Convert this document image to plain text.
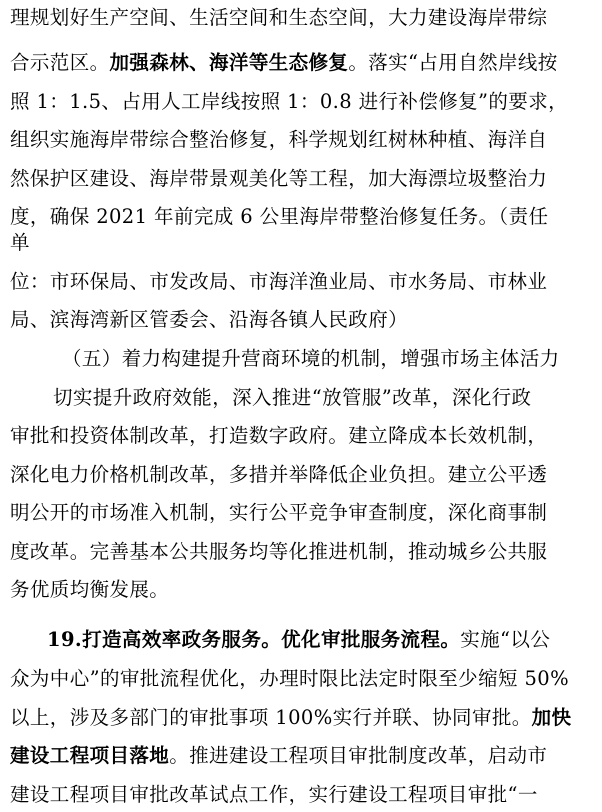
理规划好生产空间、生活空间和生态空间，大力建设海岸带综

合示范区。加强森林、海洋等生态修复。落实“占用自然岸线按

照 1：1.5、占用人工岸线按照 1：0.8 进行补偿修复”的要求，

组织实施海岸带综合整治修复，科学规划红树林种植、海洋自

然保护区建设、海岸带景观美化等工程，加大海漂垃圾整治力

度，确保 2021 年前完成 6 公里海岸带整治修复任务。（责任

单

位：市环保局、市发改局、市海洋渔业局、市水务局、市林业

局、滨海湾新区管委会、沿海各镇人民政府）

（五）着力构建提升营商环境的机制，增强市场主体活力

切实提升政府效能，深入推进“放管服”改革，深化行政

审批和投资体制改革，打造数字政府。建立降成本长效机制，

深化电力价格机制改革，多措并举降低企业负担。建立公平透

明公开的市场准入机制，实行公平竞争审查制度，深化商事制

度改革。完善基本公共服务均等化推进机制，推动城乡公共服

务优质均衡发展。

19.打造高效率政务服务。优化审批服务流程。实施“以公

众为中心”的审批流程优化，办理时限比法定时限至少缩短 50%

以上，涉及多部门的审批事项 100%实行并联、协同审批。加快

建设工程项目落地。推进建设工程项目审批制度改革，启动市

建设工程项目审批改革试点工作，实行建设工程项目审批“一
